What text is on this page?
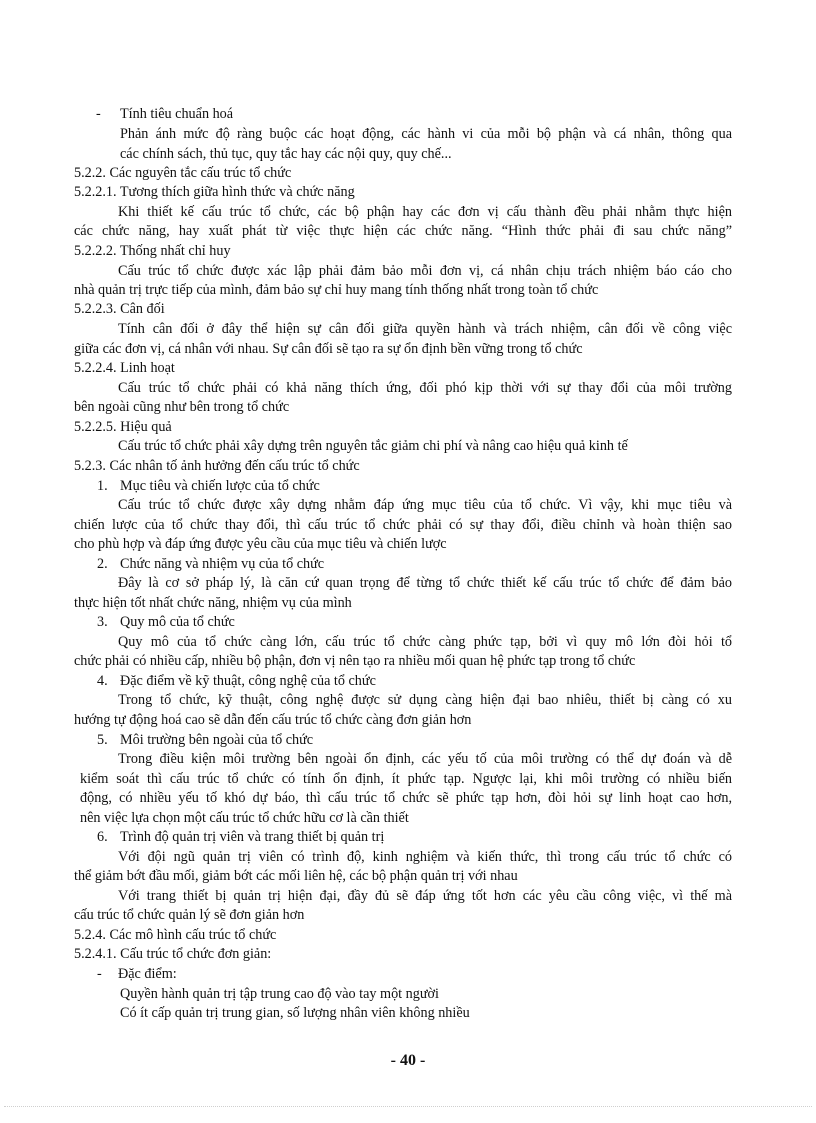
- Tính tiêu chuẩn hoá
Phản ánh mức độ ràng buộc các hoạt động, các hành vi của mỗi bộ phận và cá nhân, thông qua
các chính sách, thủ tục, quy tắc hay các nội quy, quy chế...
5.2.2. Các nguyên tắc cấu trúc tổ chức
5.2.2.1. Tương thích giữa hình thức và chức năng
Khi thiết kế cấu trúc tổ chức, các bộ phận hay các đơn vị cấu thành đều phải nhằm thực hiện
các chức năng, hay xuất phát từ việc thực hiện các chức năng. “Hình thức phải đi sau chức năng”
5.2.2.2. Thống nhất chỉ huy
Cấu trúc tổ chức được xác lập phải đảm bảo mỗi đơn vị, cá nhân chịu trách nhiệm báo cáo cho
nhà quản trị trực tiếp của mình, đảm bảo sự chỉ huy mang tính thống nhất trong toàn tổ chức
5.2.2.3. Cân đối
Tính cân đối ở đây thể hiện sự cân đối giữa quyền hành và trách nhiệm, cân đối về công việc
giữa các đơn vị, cá nhân với nhau. Sự cân đối sẽ tạo ra sự ổn định bền vững trong tổ chức
5.2.2.4. Linh hoạt
Cấu trúc tổ chức phải có khả năng thích ứng, đối phó kịp thời với sự thay đổi của môi trường
bên ngoài cũng như bên trong tổ chức
5.2.2.5. Hiệu quả
Cấu trúc tổ chức phải xây dựng trên nguyên tắc giảm chi phí và nâng cao hiệu quả kinh tế
5.2.3. Các nhân tố ảnh hưởng đến cấu trúc tổ chức
1. Mục tiêu và chiến lược của tổ chức
Cấu trúc tổ chức được xây dựng nhằm đáp ứng mục tiêu của tổ chức. Vì vậy, khi mục tiêu và
chiến lược của tổ chức thay đổi, thì cấu trúc tổ chức phải có sự thay đổi, điều chỉnh và hoàn thiện sao
cho phù hợp và đáp ứng được yêu cầu của mục tiêu và chiến lược
2. Chức năng và nhiệm vụ của tổ chức
Đây là cơ sở pháp lý, là căn cứ quan trọng để từng tổ chức thiết kế cấu trúc tổ chức để đảm bảo
thực hiện tốt nhất chức năng, nhiệm vụ của mình
3. Quy mô của tổ chức
Quy mô của tổ chức càng lớn, cấu trúc tổ chức càng phức tạp, bởi vì quy mô lớn đòi hỏi tổ
chức phải có nhiều cấp, nhiều bộ phận, đơn vị nên tạo ra nhiều mối quan hệ phức tạp trong tổ chức
4. Đặc điểm về kỹ thuật, công nghệ của tổ chức
Trong tổ chức, kỹ thuật, công nghệ được sử dụng càng hiện đại bao nhiêu, thiết bị càng có xu
hướng tự động hoá cao sẽ dẫn đến cấu trúc tổ chức càng đơn giản hơn
5. Môi trường bên ngoài của tổ chức
Trong điều kiện môi trường bên ngoài ổn định, các yếu tố của môi trường có thể dự đoán và dễ
kiểm soát thì cấu trúc tổ chức có tính ổn định, ít phức tạp. Ngược lại, khi môi trường có nhiều biến
động, có nhiều yếu tố khó dự báo, thì cấu trúc tổ chức sẽ phức tạp hơn, đòi hỏi sự linh hoạt cao hơn,
nên việc lựa chọn một cấu trúc tổ chức hữu cơ là cần thiết
6. Trình độ quản trị viên và trang thiết bị quản trị
Với đội ngũ quản trị viên có trình độ, kinh nghiệm và kiến thức, thì trong cấu trúc tổ chức có
thể giảm bớt đầu mối, giảm bớt các mối liên hệ, các bộ phận quản trị với nhau
Với trang thiết bị quản trị hiện đại, đầy đủ sẽ đáp ứng tốt hơn các yêu cầu công việc, vì thế mà
cấu trúc tổ chức quản lý sẽ đơn giản hơn
5.2.4. Các mô hình cấu trúc tổ chức
5.2.4.1. Cấu trúc tổ chức đơn giản:
- Đặc điểm:
Quyền hành quản trị tập trung cao độ vào tay một người
Có ít cấp quản trị trung gian, số lượng nhân viên không nhiều
- 40 -
